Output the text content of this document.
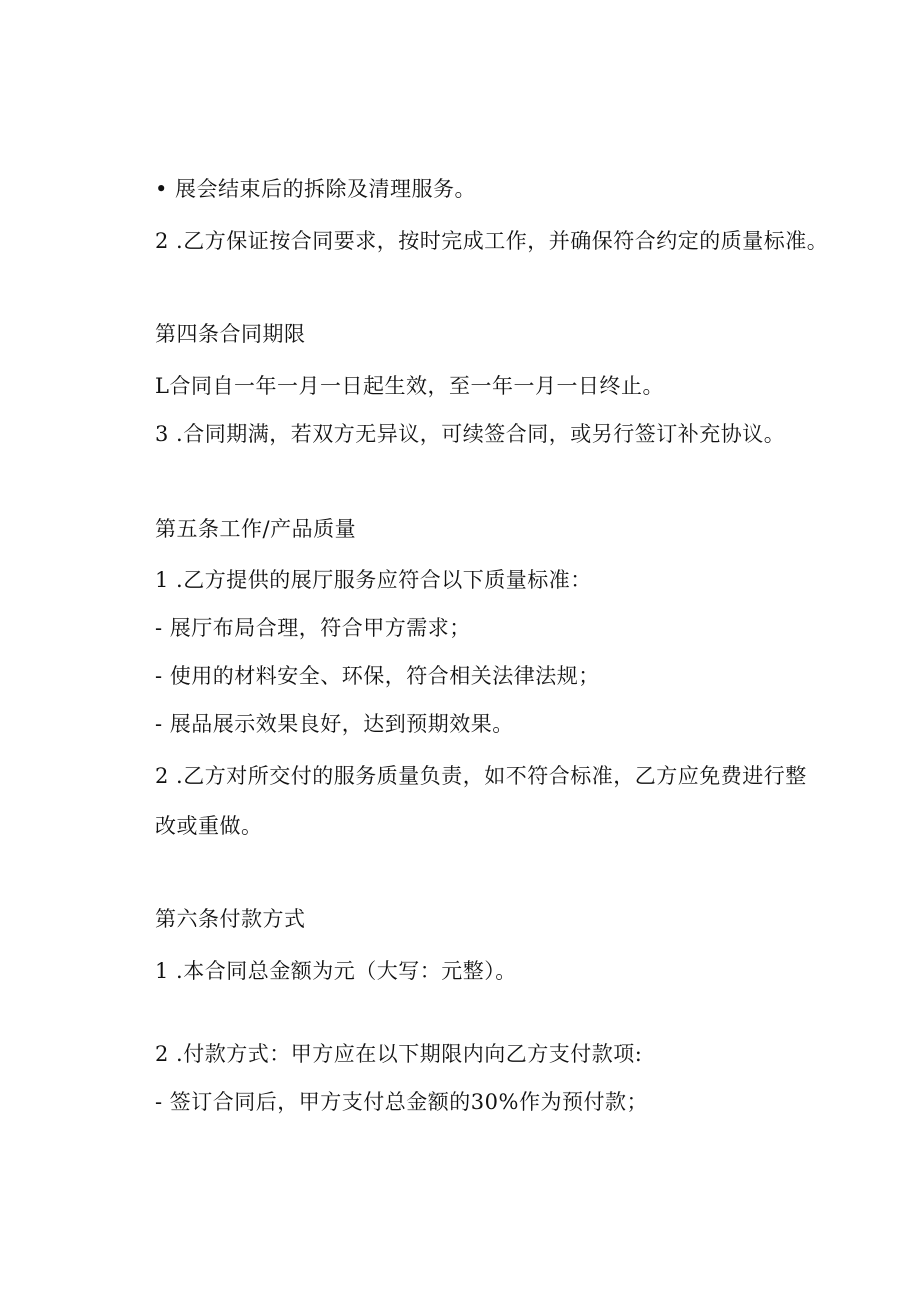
• 展会结束后的拆除及清理服务。
2 .乙方保证按合同要求，按时完成工作，并确保符合约定的质量标准。
第四条合同期限
L合同自一年一月一日起生效，至一年一月一日终止。
3 .合同期满，若双方无异议，可续签合同，或另行签订补充协议。
第五条工作/产品质量
1 .乙方提供的展厅服务应符合以下质量标准：
- 展厅布局合理，符合甲方需求；
- 使用的材料安全、环保，符合相关法律法规；
- 展品展示效果良好，达到预期效果。
2 .乙方对所交付的服务质量负责，如不符合标准，乙方应免费进行整
改或重做。
第六条付款方式
1 .本合同总金额为元（大写：元整）。
2 .付款方式：甲方应在以下期限内向乙方支付款项:
- 签订合同后，甲方支付总金额的30%作为预付款；
